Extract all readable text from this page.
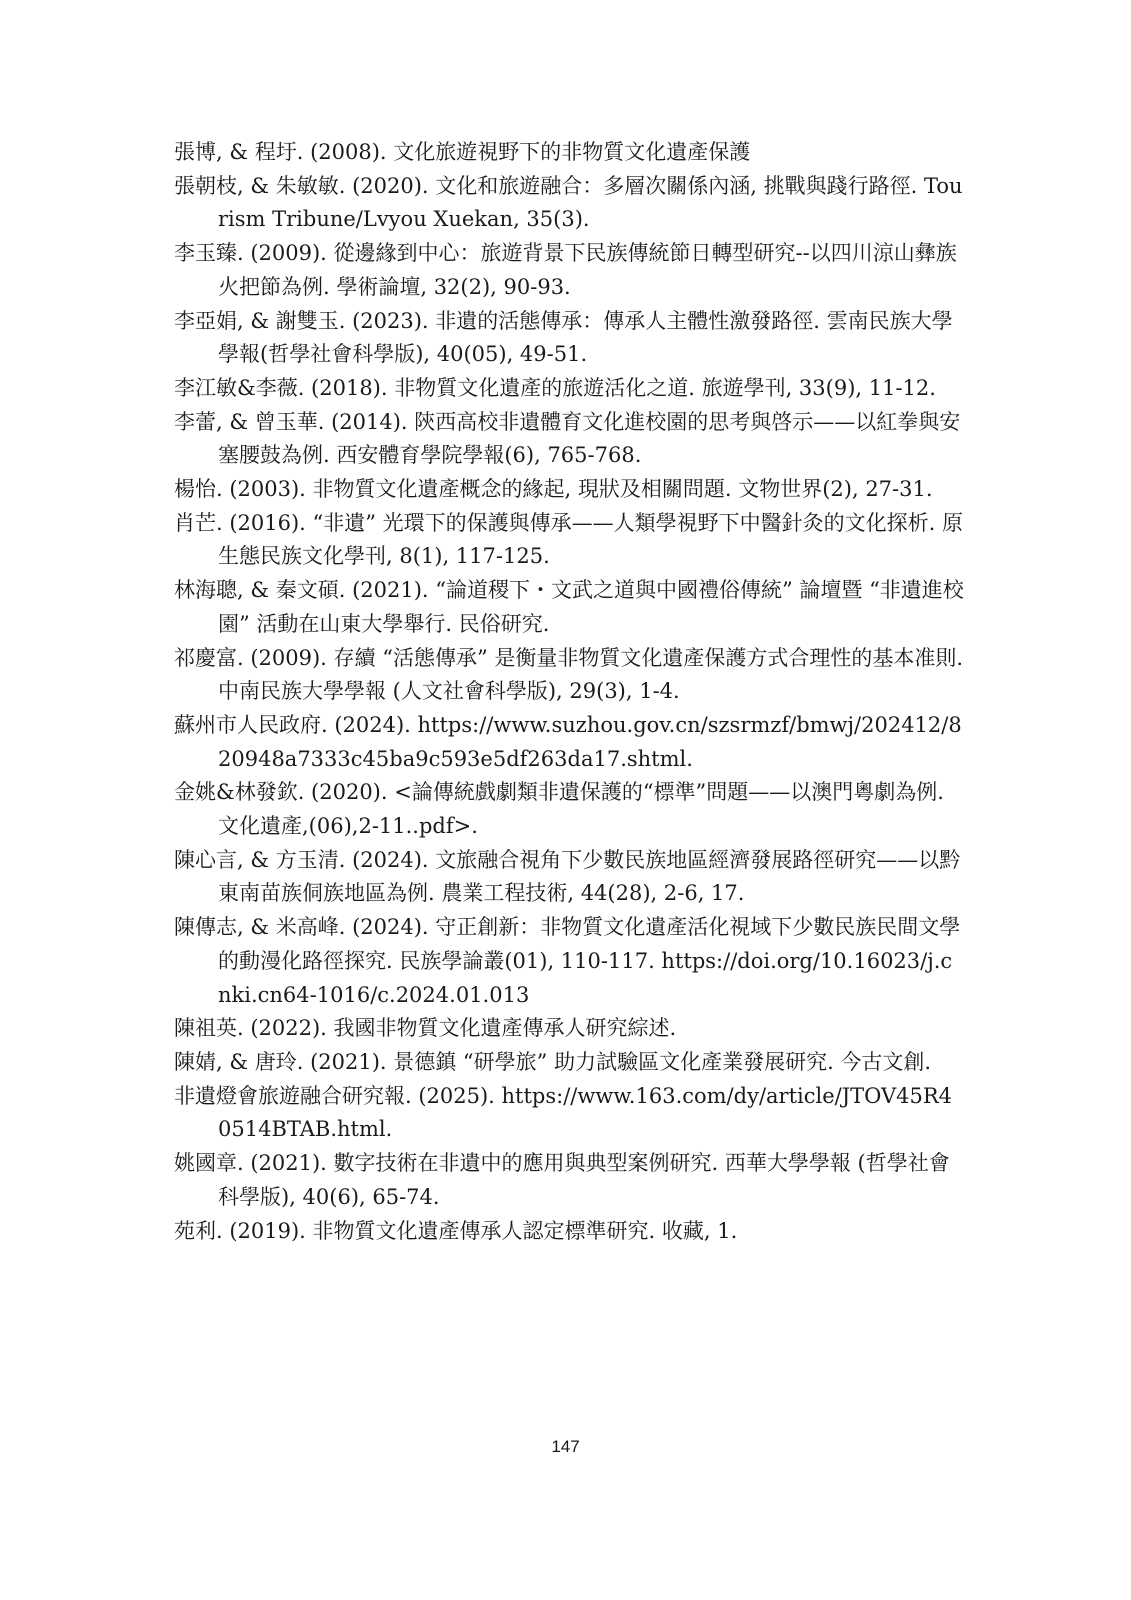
張博, & 程圩. (2008). 文化旅遊視野下的非物質文化遺產保護

張朝枝, & 朱敏敏. (2020). 文化和旅遊融合：多層次關係內涵, 挑戰與踐行路徑. Tourism Tribune/Lvyou Xuekan, 35(3).

李玉臻. (2009). 從邊緣到中心：旅遊背景下民族傳統節日轉型研究--以四川涼山彝族火把節為例. 學術論壇, 32(2), 90-93.

李亞娟, & 謝雙玉. (2023). 非遺的活態傳承：傳承人主體性激發路徑. 雲南民族大學學報(哲學社會科學版), 40(05), 49-51.

李江敏&李薇. (2018). 非物質文化遺產的旅遊活化之道. 旅遊學刊, 33(9), 11-12.

李蕾, & 曾玉華. (2014). 陝西高校非遺體育文化進校園的思考與啓示——以紅拳與安塞腰鼓為例. 西安體育學院學報(6), 765-768.

楊怡. (2003). 非物質文化遺產概念的緣起, 現狀及相關問題. 文物世界(2), 27-31.

肖芒. (2016). “非遺” 光環下的保護與傳承——人類學視野下中醫針灸的文化探析. 原生態民族文化學刊, 8(1), 117-125.

林海聰, & 秦文碩. (2021). “論道稷下・文武之道與中國禮俗傳統” 論壇暨 “非遺進校園” 活動在山東大學舉行. 民俗研究.

祁慶富. (2009). 存續 “活態傳承” 是衡量非物質文化遺產保護方式合理性的基本准則. 中南民族大學學報 (人文社會科學版), 29(3), 1-4.

蘇州市人民政府. (2024). https://www.suzhou.gov.cn/szsrmzf/bmwj/202412/820948a7333c45ba9c593e5df263da17.shtml.

金姚&林發欽. (2020). <論傳統戲劇類非遺保護的“標準”問題——以澳門粵劇為例.文化遺產,(06),2-11..pdf>.

陳心言, & 方玉清. (2024). 文旅融合視角下少數民族地區經濟發展路徑研究——以黔東南苗族侗族地區為例. 農業工程技術, 44(28), 2-6, 17.

陳傳志, & 米高峰. (2024). 守正創新：非物質文化遺產活化視域下少數民族民間文學的動漫化路徑探究. 民族學論叢(01), 110-117. https://doi.org/10.16023/j.cnki.cn64-1016/c.2024.01.013

陳祖英. (2022). 我國非物質文化遺產傳承人研究綜述.

陳婧, & 唐玲. (2021). 景德鎮 “研學旅” 助力試驗區文化產業發展研究. 今古文創.

非遺燈會旅遊融合研究報. (2025). https://www.163.com/dy/article/JTOV45R40514BTAB.html.

姚國章. (2021). 數字技術在非遺中的應用與典型案例研究. 西華大學學報 (哲學社會科學版), 40(6), 65-74.

苑利. (2019). 非物質文化遺產傳承人認定標準研究. 收藏, 1.

147
